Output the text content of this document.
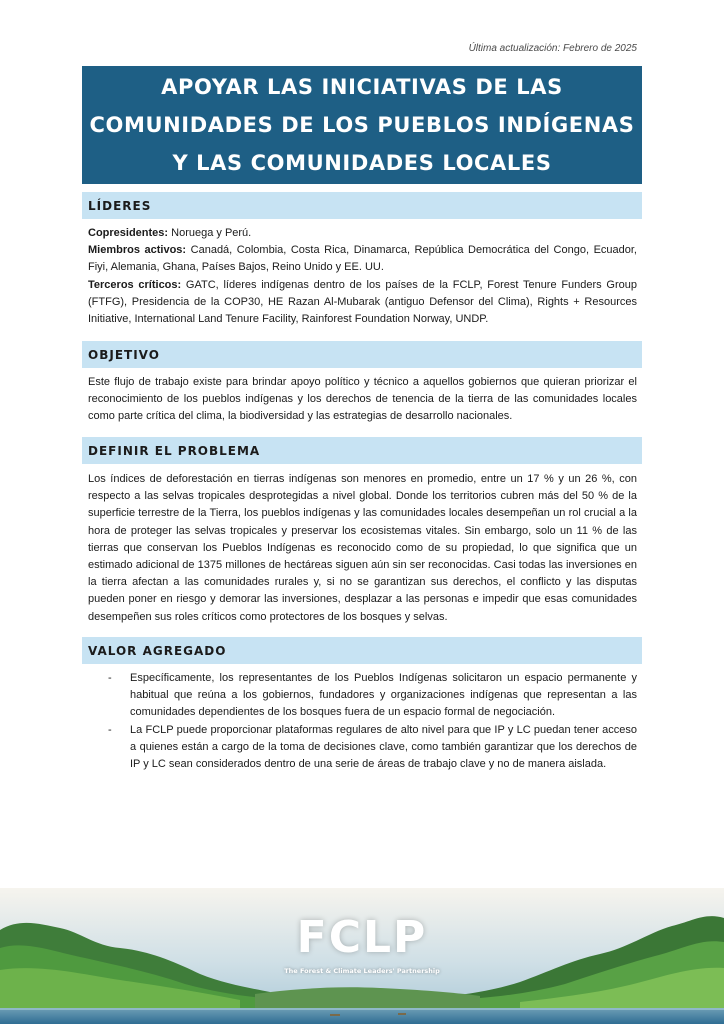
Última actualización: Febrero de 2025
APOYAR LAS INICIATIVAS DE LAS
COMUNIDADES DE LOS PUEBLOS INDÍGENAS
Y LAS COMUNIDADES LOCALES
LÍDERES

Copresidentes: Noruega y Perú.

Miembros activos: Canadá, Colombia, Costa Rica, Dinamarca, República Democrática del Congo, Ecuador, Fiyi, Alemania, Ghana, Países Bajos, Reino Unido y EE. UU.

Terceros críticos: GATC, líderes indígenas dentro de los países de la FCLP, Forest Tenure Funders Group (FTFG), Presidencia de la COP30, HE Razan Al-Mubarak (antiguo Defensor del Clima), Rights + Resources Initiative, International Land Tenure Facility, Rainforest Foundation Norway, UNDP.

OBJETIVO
Este flujo de trabajo existe para brindar apoyo político y técnico a aquellos gobiernos que quieran priorizar el reconocimiento de los pueblos indígenas y los derechos de tenencia de la tierra de las comunidades locales como parte crítica del clima, la biodiversidad y las estrategias de desarrollo nacionales.
DEFINIR EL PROBLEMA
Los índices de deforestación en tierras indígenas son menores en promedio, entre un 17 % y un 26 %, con respecto a las selvas tropicales desprotegidas a nivel global. Donde los territorios cubren más del 50 % de la superficie terrestre de la Tierra, los pueblos indígenas y las comunidades locales desempeñan un rol crucial a la hora de proteger las selvas tropicales y preservar los ecosistemas vitales. Sin embargo, solo un 11 % de las tierras que conservan los Pueblos Indígenas es reconocido como de su propiedad, lo que significa que un estimado adicional de 1375 millones de hectáreas siguen aún sin ser reconocidas. Casi todas las inversiones en la tierra afectan a las comunidades rurales y, si no se garantizan sus derechos, el conflicto y las disputas pueden poner en riesgo y demorar las inversiones, desplazar a las personas e impedir que esas comunidades desempeñen sus roles críticos como protectores de los bosques y selvas.
VALOR AGREGADO
- Específicamente, los representantes de los Pueblos Indígenas solicitaron un espacio permanente y habitual que reúna a los gobiernos, fundadores y organizaciones indígenas que representan a las comunidades dependientes de los bosques fuera de un espacio formal de negociación.
- La FCLP puede proporcionar plataformas regulares de alto nivel para que IP y LC puedan tener acceso a quienes están a cargo de la toma de decisiones clave, como también garantizar que los derechos de IP y LC sean considerados dentro de una serie de áreas de trabajo clave y no de manera aislada.
FCLP
The Forest & Climate Leaders' Partnership
